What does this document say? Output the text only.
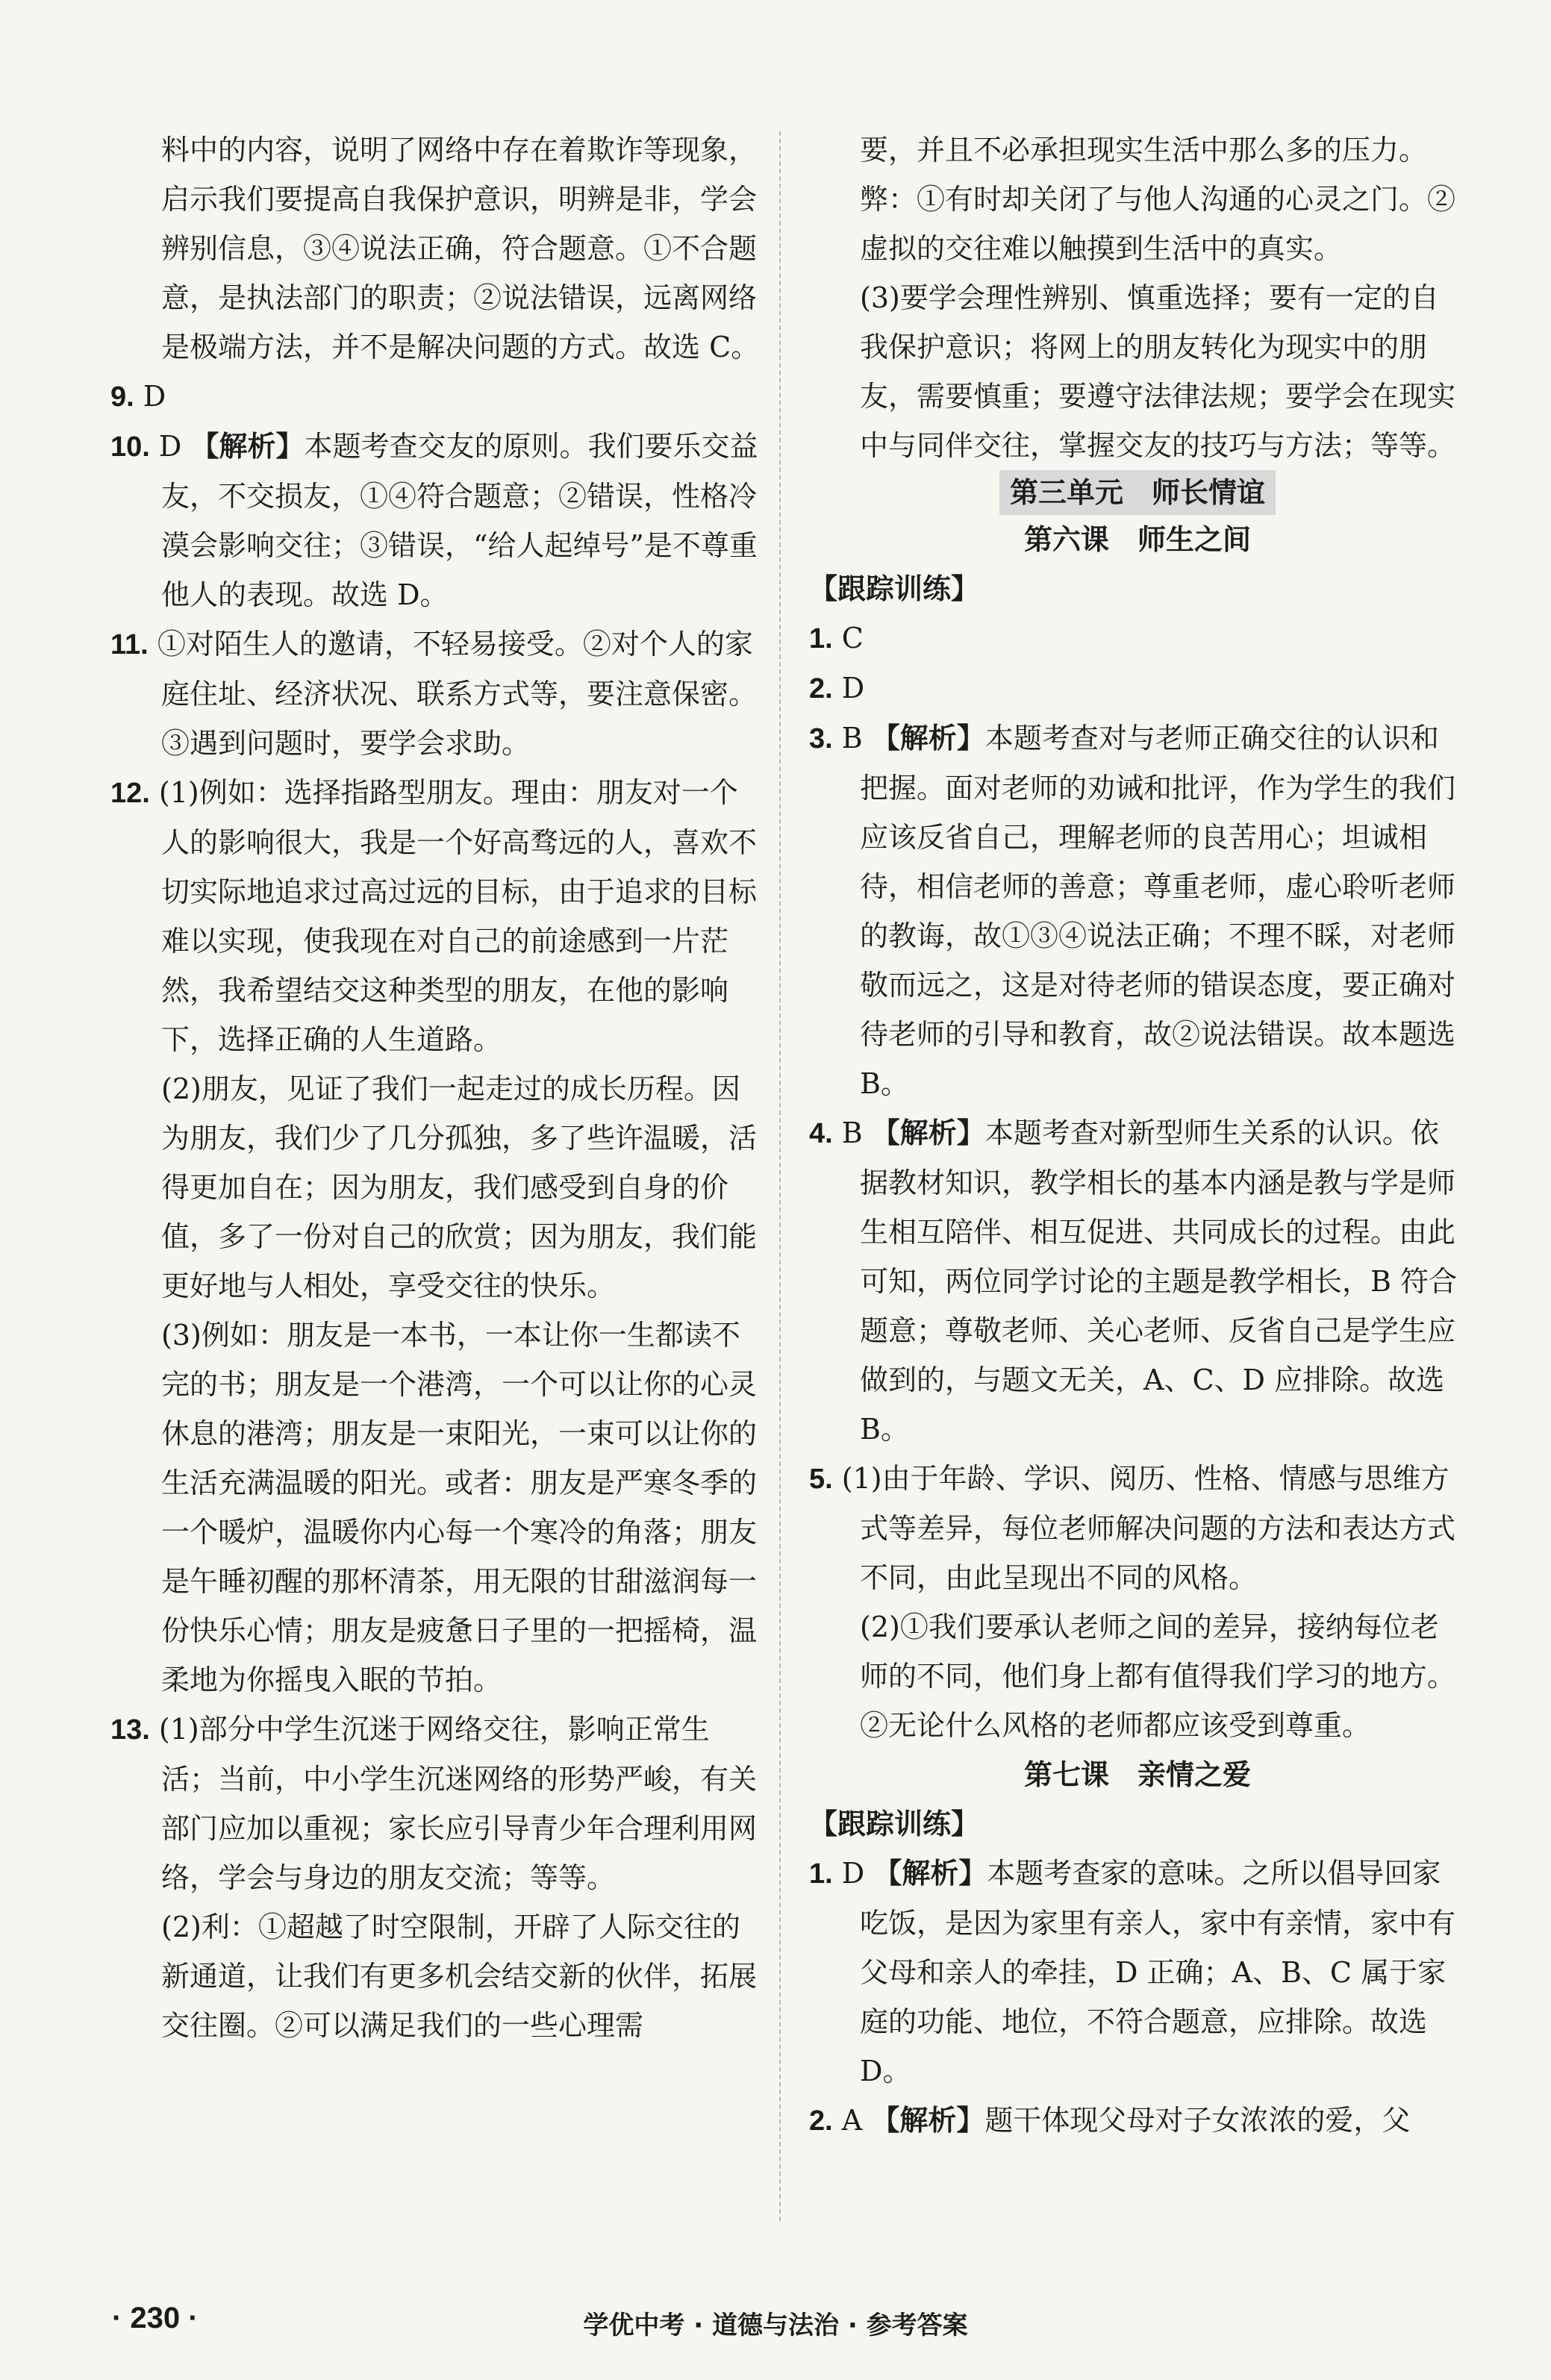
料中的内容，说明了网络中存在着欺诈等现象，启示我们要提高自我保护意识，明辨是非，学会辨别信息，③④说法正确，符合题意。①不合题意，是执法部门的职责；②说法错误，远离网络是极端方法，并不是解决问题的方式。故选 C。

9. D

10. D 【解析】本题考查交友的原则。我们要乐交益友，不交损友，①④符合题意；②错误，性格冷漠会影响交往；③错误，“给人起绰号”是不尊重他人的表现。故选 D。

11. ①对陌生人的邀请，不轻易接受。②对个人的家庭住址、经济状况、联系方式等，要注意保密。③遇到问题时，要学会求助。

12. (1)例如：选择指路型朋友。理由：朋友对一个人的影响很大，我是一个好高骛远的人，喜欢不切实际地追求过高过远的目标，由于追求的目标难以实现，使我现在对自己的前途感到一片茫然，我希望结交这种类型的朋友，在他的影响下，选择正确的人生道路。

(2)朋友，见证了我们一起走过的成长历程。因为朋友，我们少了几分孤独，多了些许温暖，活得更加自在；因为朋友，我们感受到自身的价值，多了一份对自己的欣赏；因为朋友，我们能更好地与人相处，享受交往的快乐。

(3)例如：朋友是一本书，一本让你一生都读不完的书；朋友是一个港湾，一个可以让你的心灵休息的港湾；朋友是一束阳光，一束可以让你的生活充满温暖的阳光。或者：朋友是严寒冬季的一个暖炉，温暖你内心每一个寒冷的角落；朋友是午睡初醒的那杯清茶，用无限的甘甜滋润每一份快乐心情；朋友是疲惫日子里的一把摇椅，温柔地为你摇曳入眠的节拍。

13. (1)部分中学生沉迷于网络交往，影响正常生活；当前，中小学生沉迷网络的形势严峻，有关部门应加以重视；家长应引导青少年合理利用网络，学会与身边的朋友交流；等等。

(2)利：①超越了时空限制，开辟了人际交往的新通道，让我们有更多机会结交新的伙伴，拓展交往圈。②可以满足我们的一些心理需

要，并且不必承担现实生活中那么多的压力。

弊：①有时却关闭了与他人沟通的心灵之门。②虚拟的交往难以触摸到生活中的真实。

(3)要学会理性辨别、慎重选择；要有一定的自我保护意识；将网上的朋友转化为现实中的朋友，需要慎重；要遵守法律法规；要学会在现实中与同伴交往，掌握交友的技巧与方法；等等。

第三单元　师长情谊
第六课　师生之间

【跟踪训练】

1. C

2. D

3. B 【解析】本题考查对与老师正确交往的认识和把握。面对老师的劝诫和批评，作为学生的我们应该反省自己，理解老师的良苦用心；坦诚相待，相信老师的善意；尊重老师，虚心聆听老师的教诲，故①③④说法正确；不理不睬，对老师敬而远之，这是对待老师的错误态度，要正确对待老师的引导和教育，故②说法错误。故本题选 B。

4. B 【解析】本题考查对新型师生关系的认识。依据教材知识，教学相长的基本内涵是教与学是师生相互陪伴、相互促进、共同成长的过程。由此可知，两位同学讨论的主题是教学相长，B 符合题意；尊敬老师、关心老师、反省自己是学生应做到的，与题文无关，A、C、D 应排除。故选 B。

5. (1)由于年龄、学识、阅历、性格、情感与思维方式等差异，每位老师解决问题的方法和表达方式不同，由此呈现出不同的风格。

(2)①我们要承认老师之间的差异，接纳每位老师的不同，他们身上都有值得我们学习的地方。②无论什么风格的老师都应该受到尊重。

第七课　亲情之爱

【跟踪训练】

1. D 【解析】本题考查家的意味。之所以倡导回家吃饭，是因为家里有亲人，家中有亲情，家中有父母和亲人的牵挂，D 正确；A、B、C 属于家庭的功能、地位，不符合题意，应排除。故选 D。

2. A 【解析】题干体现父母对子女浓浓的爱，父

· 230 ·	学优中考 · 道德与法治 · 参考答案
